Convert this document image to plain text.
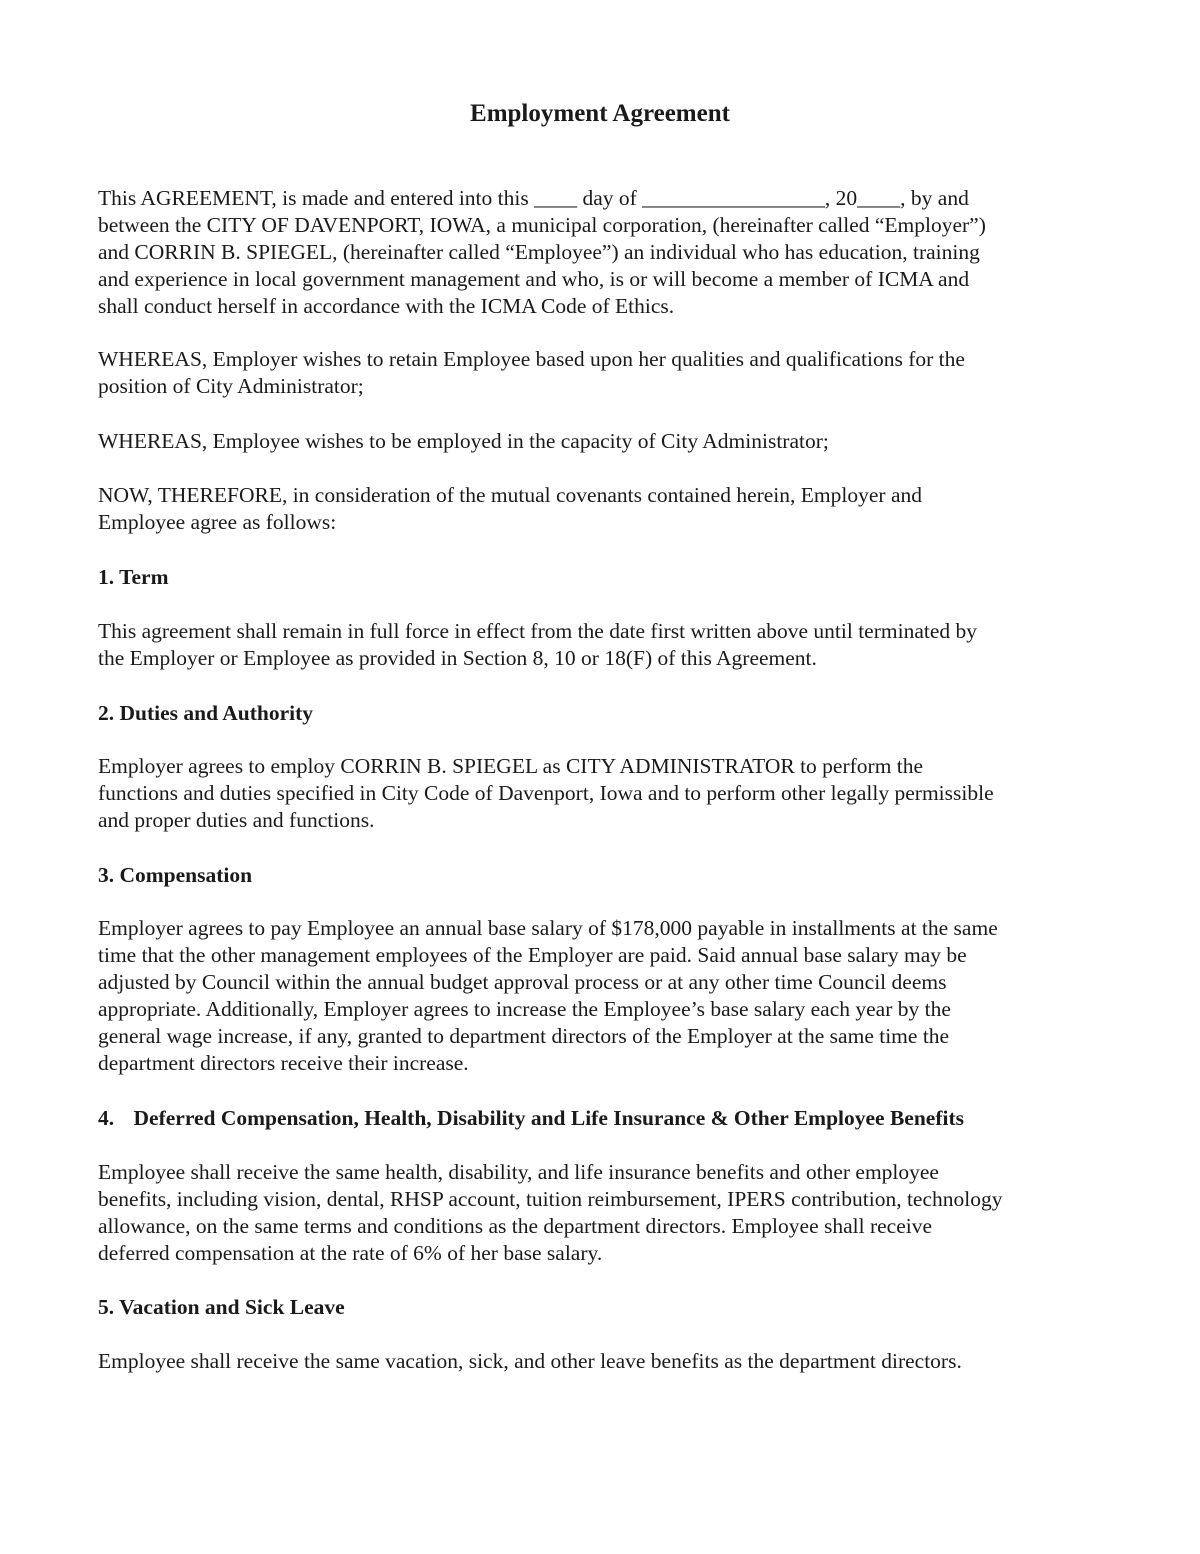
Employment Agreement
This AGREEMENT, is made and entered into this ____ day of _________________, 20____, by and
between the CITY OF DAVENPORT, IOWA, a municipal corporation, (hereinafter called “Employer”)
and CORRIN B. SPIEGEL, (hereinafter called “Employee”) an individual who has education, training
and experience in local government management and who, is or will become a member of ICMA and
shall conduct herself in accordance with the ICMA Code of Ethics.
WHEREAS, Employer wishes to retain Employee based upon her qualities and qualifications for the
position of City Administrator;
WHEREAS, Employee wishes to be employed in the capacity of City Administrator;
NOW, THEREFORE, in consideration of the mutual covenants contained herein, Employer and
Employee agree as follows:
1. Term
This agreement shall remain in full force in effect from the date first written above until terminated by
the Employer or Employee as provided in Section 8, 10 or 18(F) of this Agreement.
2. Duties and Authority
Employer agrees to employ CORRIN B. SPIEGEL as CITY ADMINISTRATOR to perform the
functions and duties specified in City Code of Davenport, Iowa and to perform other legally permissible
and proper duties and functions.
3. Compensation
Employer agrees to pay Employee an annual base salary of $178,000 payable in installments at the same
time that the other management employees of the Employer are paid. Said annual base salary may be
adjusted by Council within the annual budget approval process or at any other time Council deems
appropriate. Additionally, Employer agrees to increase the Employee’s base salary each year by the
general wage increase, if any, granted to department directors of the Employer at the same time the
department directors receive their increase.
4. Deferred Compensation, Health, Disability and Life Insurance & Other Employee Benefits
Employee shall receive the same health, disability, and life insurance benefits and other employee
benefits, including vision, dental, RHSP account, tuition reimbursement, IPERS contribution, technology
allowance, on the same terms and conditions as the department directors. Employee shall receive
deferred compensation at the rate of 6% of her base salary.
5. Vacation and Sick Leave
Employee shall receive the same vacation, sick, and other leave benefits as the department directors.
